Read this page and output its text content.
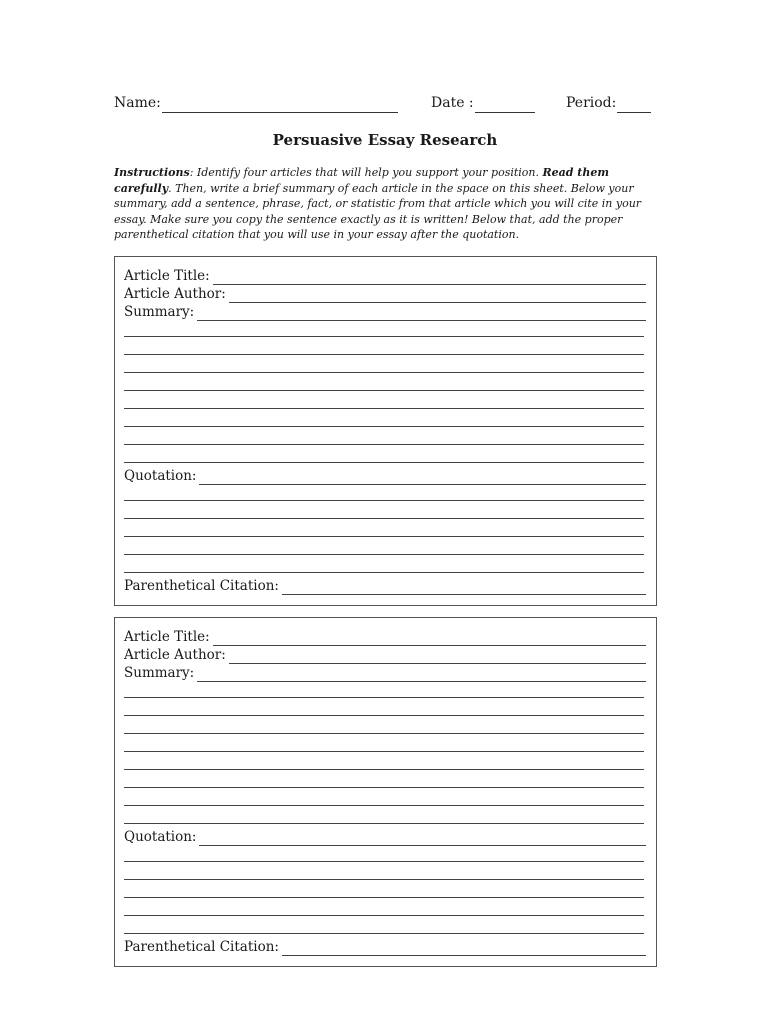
Name:	Date :	Period:
Persuasive Essay Research
Instructions: Identify four articles that will help you support your position. Read them carefully. Then, write a brief summary of each article in the space on this sheet. Below your summary, add a sentence, phrase, fact, or statistic from that article which you will cite in your essay. Make sure you copy the sentence exactly as it is written! Below that, add the proper parenthetical citation that you will use in your essay after the quotation.
Article Title:
Article Author:
Summary:
Quotation:
Parenthetical Citation:
Article Title:
Article Author:
Summary:
Quotation:
Parenthetical Citation:
